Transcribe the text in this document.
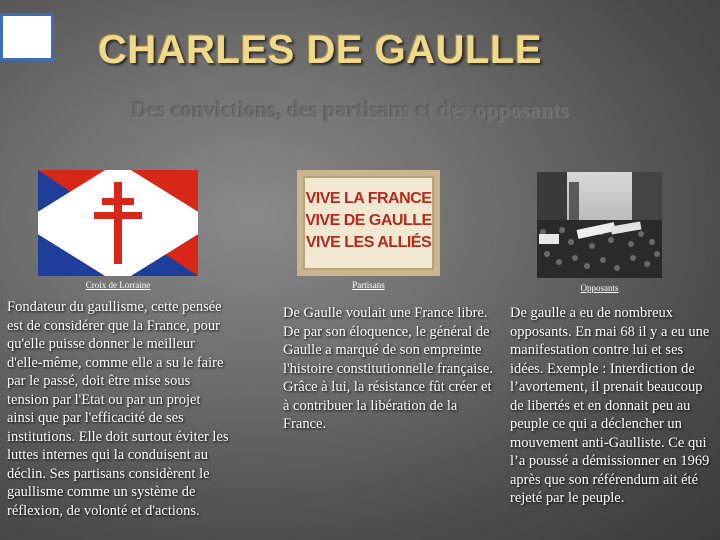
CHARLES DE GAULLE
Des convictions, des partisans et des opposants
Croix de Lorraine
Fondateur du gaullisme, cette pensée est de considérer que la France, pour qu'elle puisse donner le meilleur d'elle-même, comme elle a su le faire par le passé, doit être mise sous tension par l'Etat ou par un projet ainsi que par l'efficacité de ses institutions. Elle doit surtout éviter les luttes internes qui la conduisent au déclin. Ses partisans considèrent le gaullisme comme un système de réflexion, de volonté et d'actions.
VIVE LA FRANCE
VIVE DE GAULLE
VIVE LES ALLIÉS
Partisans
De Gaulle voulait une France libre. De par son éloquence, le général de Gaulle a marqué de son empreinte l'histoire constitutionnelle française.
Grâce à lui, la résistance fût créer et à contribuer la libération de la France.
Opposants
De gaulle a eu de nombreux opposants. En mai 68 il y a eu une manifestation contre lui et ses idées. Exemple : Interdiction de l’avortement, il prenait beaucoup de libertés et en donnait peu au peuple ce qui a déclencher un mouvement anti-Gaulliste. Ce qui l’a poussé a démissionner en 1969 après que son référendum ait été rejeté par le peuple.
